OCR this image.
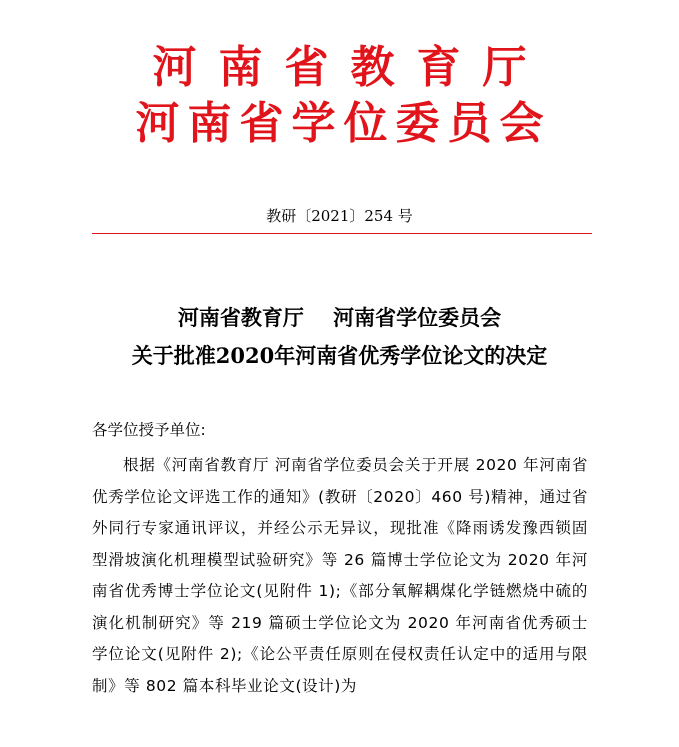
河南省教育厅
河南省学位委员会
教研〔2021〕254 号
河南省教育厅    河南省学位委员会
关于批准2020年河南省优秀学位论文的决定
各学位授予单位:
根据《河南省教育厅 河南省学位委员会关于开展 2020 年河南省优秀学位论文评选工作的通知》(教研〔2020〕460 号)精神，通过省外同行专家通讯评议，并经公示无异议，现批准《降雨诱发豫西锁固型滑坡演化机理模型试验研究》等 26 篇博士学位论文为 2020 年河南省优秀博士学位论文(见附件 1);《部分氧解耦煤化学链燃烧中硫的演化机制研究》等 219 篇硕士学位论文为 2020 年河南省优秀硕士学位论文(见附件 2);《论公平责任原则在侵权责任认定中的适用与限制》等 802 篇本科毕业论文(设计)为
